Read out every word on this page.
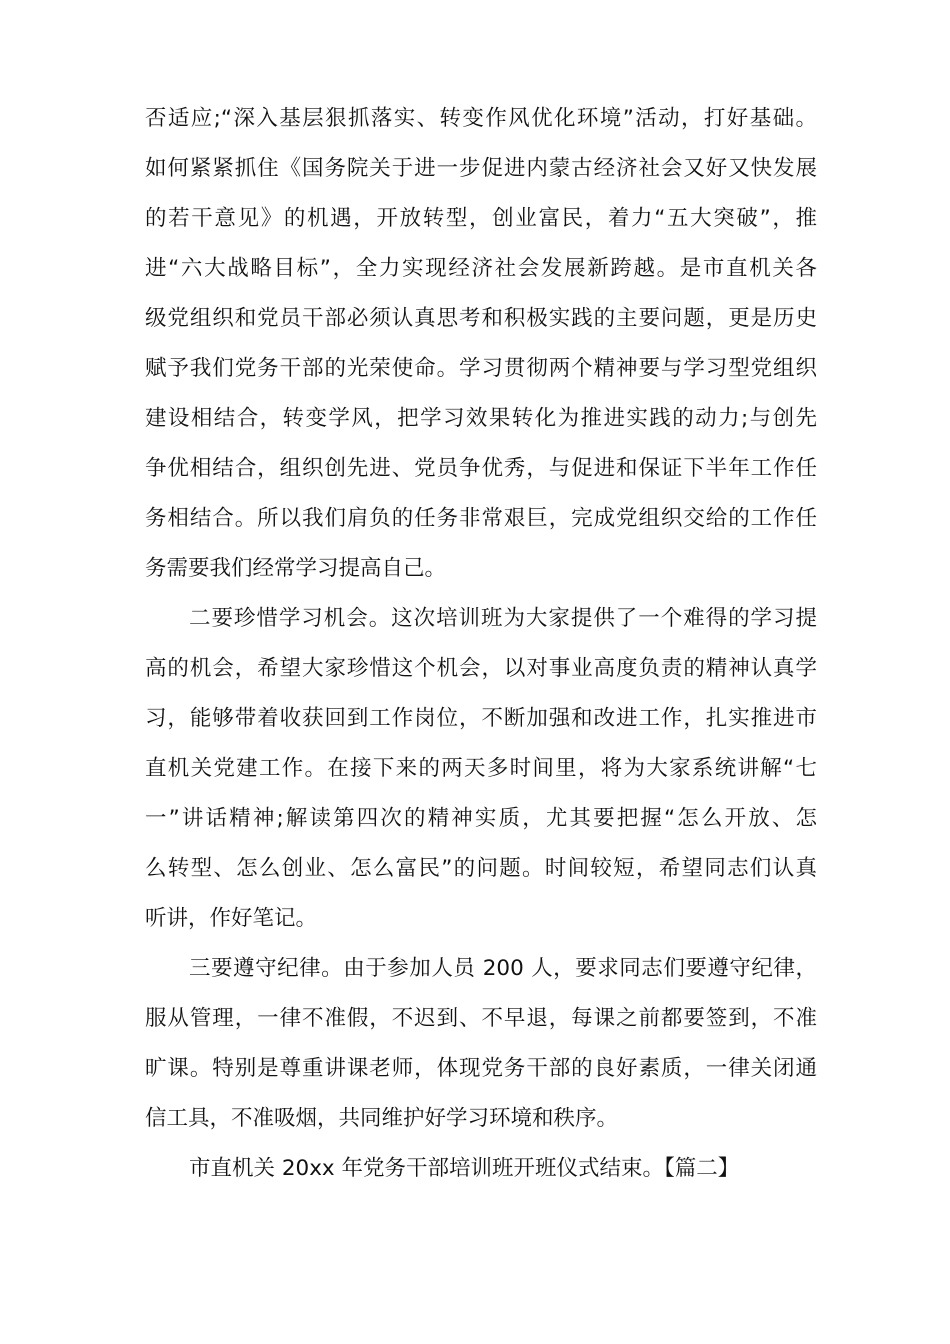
否适应;“深入基层狠抓落实、转变作风优化环境”活动，打好基础。
如何紧紧抓住《国务院关于进一步促进内蒙古经济社会又好又快发展
的若干意见》的机遇，开放转型，创业富民，着力“五大突破”，推
进“六大战略目标”，全力实现经济社会发展新跨越。是市直机关各
级党组织和党员干部必须认真思考和积极实践的主要问题，更是历史
赋予我们党务干部的光荣使命。学习贯彻两个精神要与学习型党组织
建设相结合，转变学风，把学习效果转化为推进实践的动力;与创先
争优相结合，组织创先进、党员争优秀，与促进和保证下半年工作任
务相结合。所以我们肩负的任务非常艰巨，完成党组织交给的工作任
务需要我们经常学习提高自己。
二要珍惜学习机会。这次培训班为大家提供了一个难得的学习提
高的机会，希望大家珍惜这个机会，以对事业高度负责的精神认真学
习，能够带着收获回到工作岗位，不断加强和改进工作，扎实推进市
直机关党建工作。在接下来的两天多时间里，将为大家系统讲解“七
一”讲话精神;解读第四次的精神实质，尤其要把握“怎么开放、怎
么转型、怎么创业、怎么富民”的问题。时间较短，希望同志们认真
听讲，作好笔记。
三要遵守纪律。由于参加人员 200 人，要求同志们要遵守纪律，
服从管理，一律不准假，不迟到、不早退，每课之前都要签到，不准
旷课。特别是尊重讲课老师，体现党务干部的良好素质，一律关闭通
信工具，不准吸烟，共同维护好学习环境和秩序。
市直机关 20xx 年党务干部培训班开班仪式结束。【篇二】
